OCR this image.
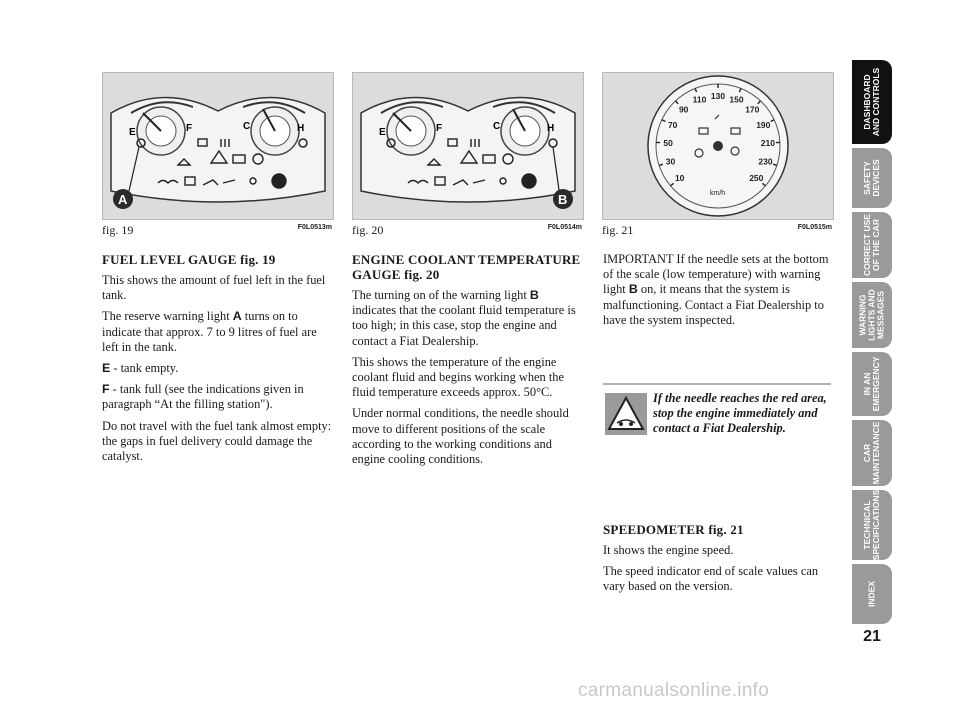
E	F	C	H
A
fig. 19	F0L0513m
E	F	C	H
B
fig. 20	F0L0514m
10
30
50
70
90
110 130 150
170
190
210
230
250
km/h
fig. 21	F0L0515m
FUEL LEVEL GAUGE fig. 19

This shows the amount of fuel left in the fuel tank.

The reserve warning light A turns on to indicate that approx. 7 to 9 litres of fuel are left in the tank.

E - tank empty.

F - tank full (see the indications given in paragraph “At the filling station").

Do not travel with the fuel tank almost empty: the gaps in fuel delivery could damage the catalyst.

ENGINE COOLANT TEMPERATURE GAUGE fig. 20

The turning on of the warning light B indicates that the coolant fluid temperature is too high; in this case, stop the engine and contact a Fiat Dealership.

This shows the temperature of the engine coolant fluid and begins working when the fluid temperature exceeds approx. 50°C.

Under normal conditions, the needle should move to different positions of the scale according to the working conditions and engine cooling conditions.

IMPORTANT If the needle sets at the bottom of the scale (low temperature) with warning light B on, it means that the system is malfunctioning. Contact a Fiat Dealership to have the system inspected.

If the needle reaches the red area, stop the engine immediately and contact a Fiat Dealership.
SPEEDOMETER fig. 21

It shows the engine speed.

The speed indicator end of scale values can vary based on the version.

DASHBOARD
AND CONTROLS
SAFETY
DEVICES
CORRECT USE
OF THE CAR
WARNING
LIGHTS AND
MESSAGES
IN AN
EMERGENCY
CAR
MAINTENANCE
TECHNICAL
SPECIFICATIONS
INDEX
21
carmanualsonline.info
